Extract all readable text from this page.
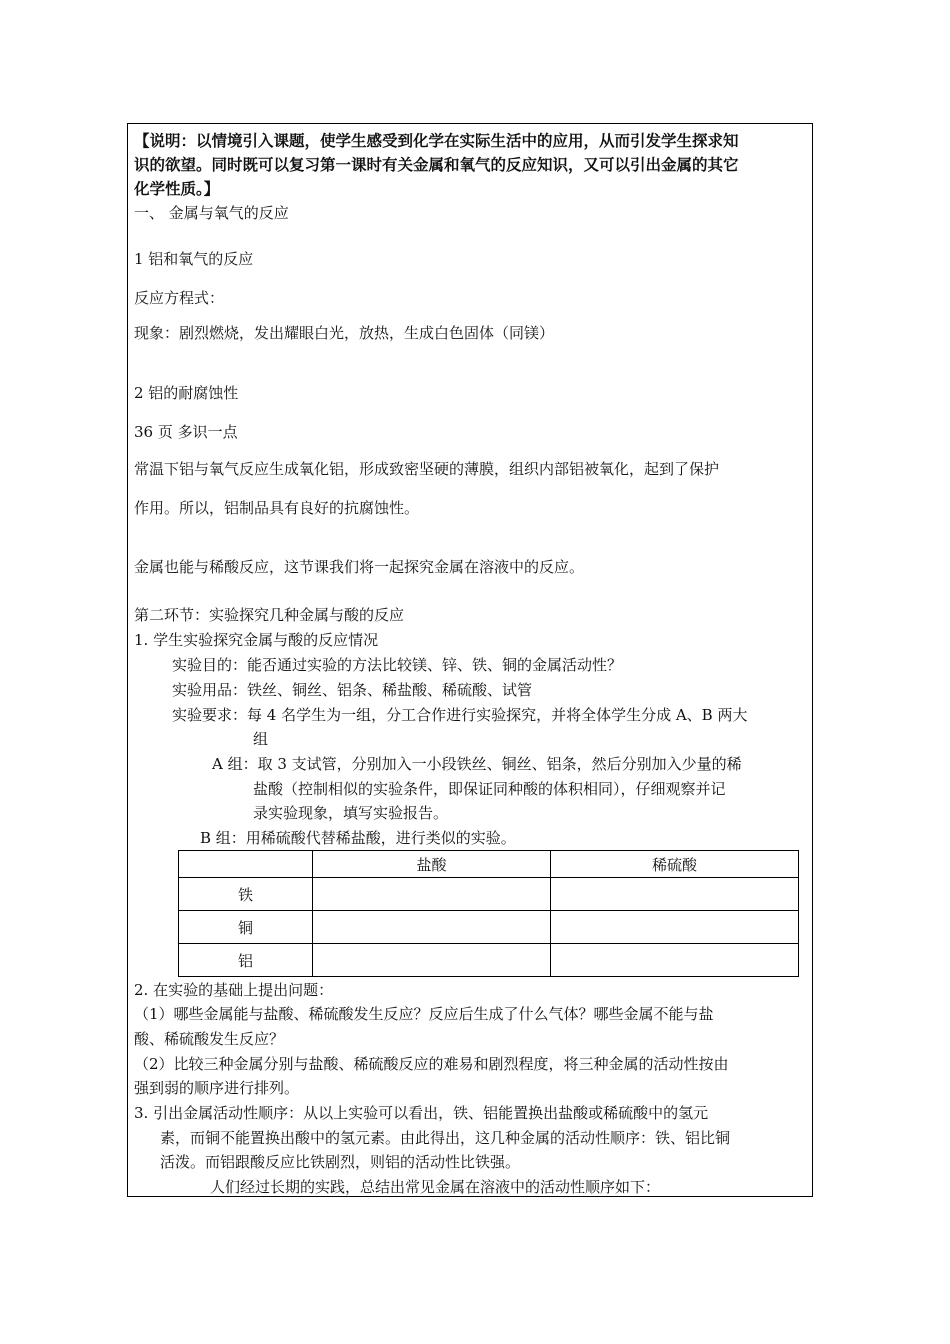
【说明：以情境引入课题，使学生感受到化学在实际生活中的应用，从而引发学生探求知
识的欲望。同时既可以复习第一课时有关金属和氧气的反应知识，又可以引出金属的其它
化学性质。】
一、 金属与氧气的反应
1 铝和氧气的反应
反应方程式：
现象：剧烈燃烧，发出耀眼白光，放热，生成白色固体（同镁）
2 铝的耐腐蚀性
36 页 多识一点
常温下铝与氧气反应生成氧化铝，形成致密坚硬的薄膜，组织内部铝被氧化，起到了保护
作用。所以，铝制品具有良好的抗腐蚀性。
金属也能与稀酸反应，这节课我们将一起探究金属在溶液中的反应。
第二环节：实验探究几种金属与酸的反应
1. 学生实验探究金属与酸的反应情况
实验目的：能否通过实验的方法比较镁、锌、铁、铜的金属活动性？
实验用品：铁丝、铜丝、铝条、稀盐酸、稀硫酸、试管
实验要求：每 4 名学生为一组，分工合作进行实验探究，并将全体学生分成 A、B 两大
组
A 组：取 3 支试管，分别加入一小段铁丝、铜丝、铝条，然后分别加入少量的稀
盐酸（控制相似的实验条件，即保证同种酸的体积相同），仔细观察并记
录实验现象，填写实验报告。
B 组：用稀硫酸代替稀盐酸，进行类似的实验。
	盐酸	稀硫酸
铁		
铜		
铝		
2. 在实验的基础上提出问题：
（1）哪些金属能与盐酸、稀硫酸发生反应？反应后生成了什么气体？哪些金属不能与盐
酸、稀硫酸发生反应？
（2）比较三种金属分别与盐酸、稀硫酸反应的难易和剧烈程度，将三种金属的活动性按由
强到弱的顺序进行排列。
3. 引出金属活动性顺序：从以上实验可以看出，铁、铝能置换出盐酸或稀硫酸中的氢元
素，而铜不能置换出酸中的氢元素。由此得出，这几种金属的活动性顺序：铁、铝比铜
活泼。而铝跟酸反应比铁剧烈，则铝的活动性比铁强。
人们经过长期的实践，总结出常见金属在溶液中的活动性顺序如下：
